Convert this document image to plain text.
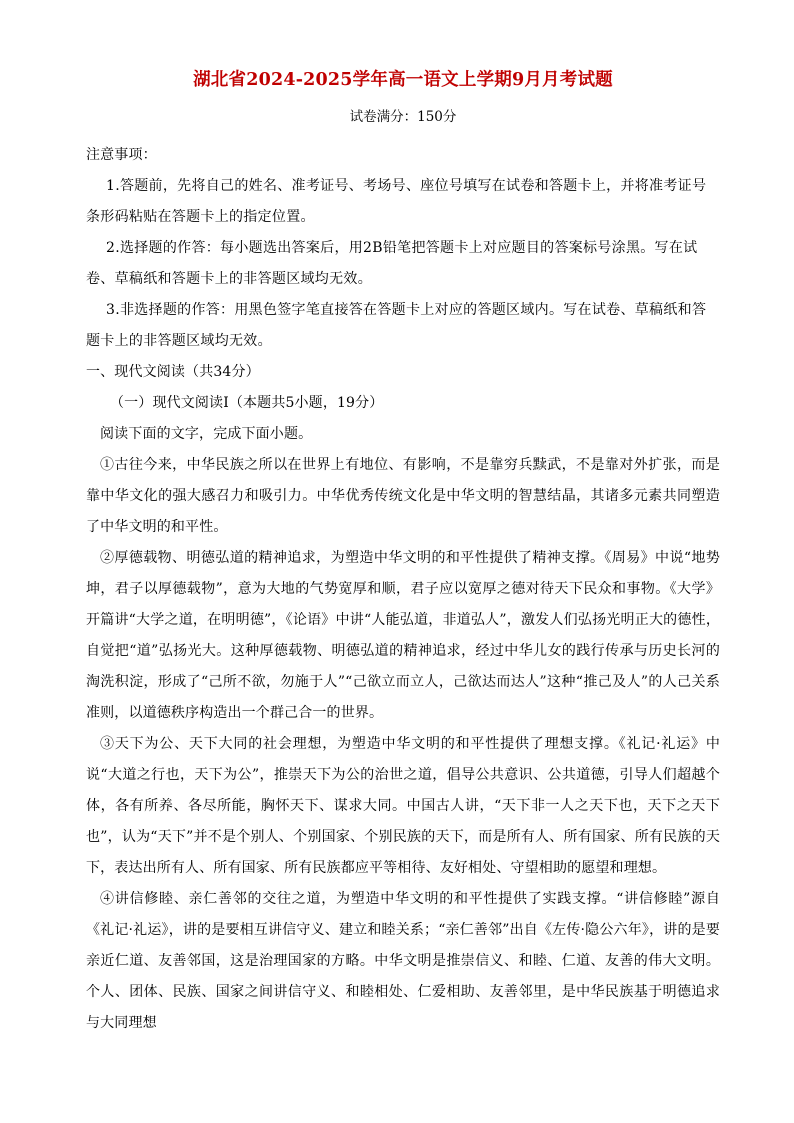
湖北省2024-2025学年高一语文上学期9月月考试题
试卷满分：150分
注意事项：

1.答题前，先将自己的姓名、准考证号、考场号、座位号填写在试卷和答题卡上，并将准考证号条形码粘贴在答题卡上的指定位置。

2.选择题的作答：每小题选出答案后，用2B铅笔把答题卡上对应题目的答案标号涂黑。写在试卷、草稿纸和答题卡上的非答题区域均无效。

3.非选择题的作答：用黑色签字笔直接答在答题卡上对应的答题区域内。写在试卷、草稿纸和答题卡上的非答题区域均无效。

一、现代文阅读（共34分）
（一）现代文阅读Ⅰ（本题共5小题，19分）
阅读下面的文字，完成下面小题。

①古往今来，中华民族之所以在世界上有地位、有影响，不是靠穷兵黩武，不是靠对外扩张，而是靠中华文化的强大感召力和吸引力。中华优秀传统文化是中华文明的智慧结晶，其诸多元素共同塑造了中华文明的和平性。

②厚德载物、明德弘道的精神追求，为塑造中华文明的和平性提供了精神支撑。《周易》中说“地势坤，君子以厚德载物”，意为大地的气势宽厚和顺，君子应以宽厚之德对待天下民众和事物。《大学》开篇讲“大学之道，在明明德”，《论语》中讲“人能弘道，非道弘人”，激发人们弘扬光明正大的德性，自觉把“道”弘扬光大。这种厚德载物、明德弘道的精神追求，经过中华儿女的践行传承与历史长河的淘洗积淀，形成了“己所不欲，勿施于人”“己欲立而立人，己欲达而达人”这种“推己及人”的人己关系准则，以道德秩序构造出一个群己合一的世界。

③天下为公、天下大同的社会理想，为塑造中华文明的和平性提供了理想支撑。《礼记·礼运》中说“大道之行也，天下为公”，推崇天下为公的治世之道，倡导公共意识、公共道德，引导人们超越个体，各有所养、各尽所能，胸怀天下、谋求大同。中国古人讲，“天下非一人之天下也，天下之天下也”，认为“天下”并不是个别人、个别国家、个别民族的天下，而是所有人、所有国家、所有民族的天下，表达出所有人、所有国家、所有民族都应平等相待、友好相处、守望相助的愿望和理想。

④讲信修睦、亲仁善邻的交往之道，为塑造中华文明的和平性提供了实践支撑。“讲信修睦”源自《礼记·礼运》，讲的是要相互讲信守义、建立和睦关系；“亲仁善邻”出自《左传·隐公六年》，讲的是要亲近仁道、友善邻国，这是治理国家的方略。中华文明是推崇信义、和睦、仁道、友善的伟大文明。个人、团体、民族、国家之间讲信守义、和睦相处、仁爱相助、友善邻里，是中华民族基于明德追求与大同理想
